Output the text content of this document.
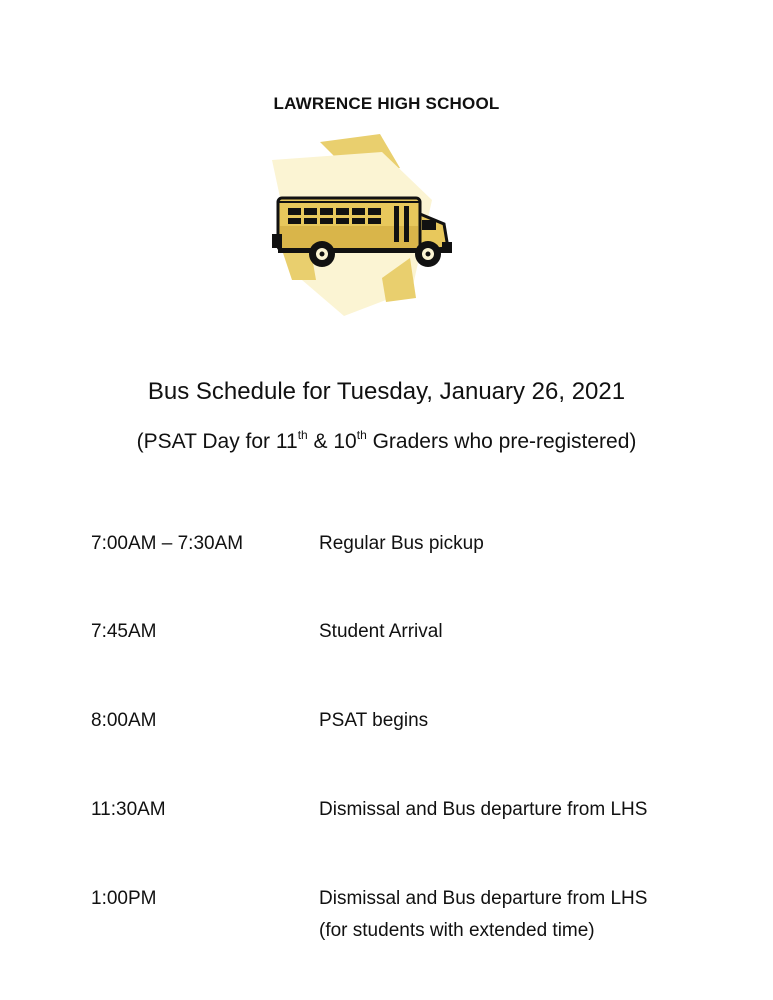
LAWRENCE HIGH SCHOOL
Bus Schedule for Tuesday, January 26, 2021
(PSAT Day for 11th & 10th Graders who pre-registered)
7:00AM – 7:30AM	Regular Bus pickup
7:45AM	Student Arrival
8:00AM	PSAT begins
11:30AM	Dismissal and Bus departure from LHS
1:00PM	Dismissal and Bus departure from LHS
(for students with extended time)
